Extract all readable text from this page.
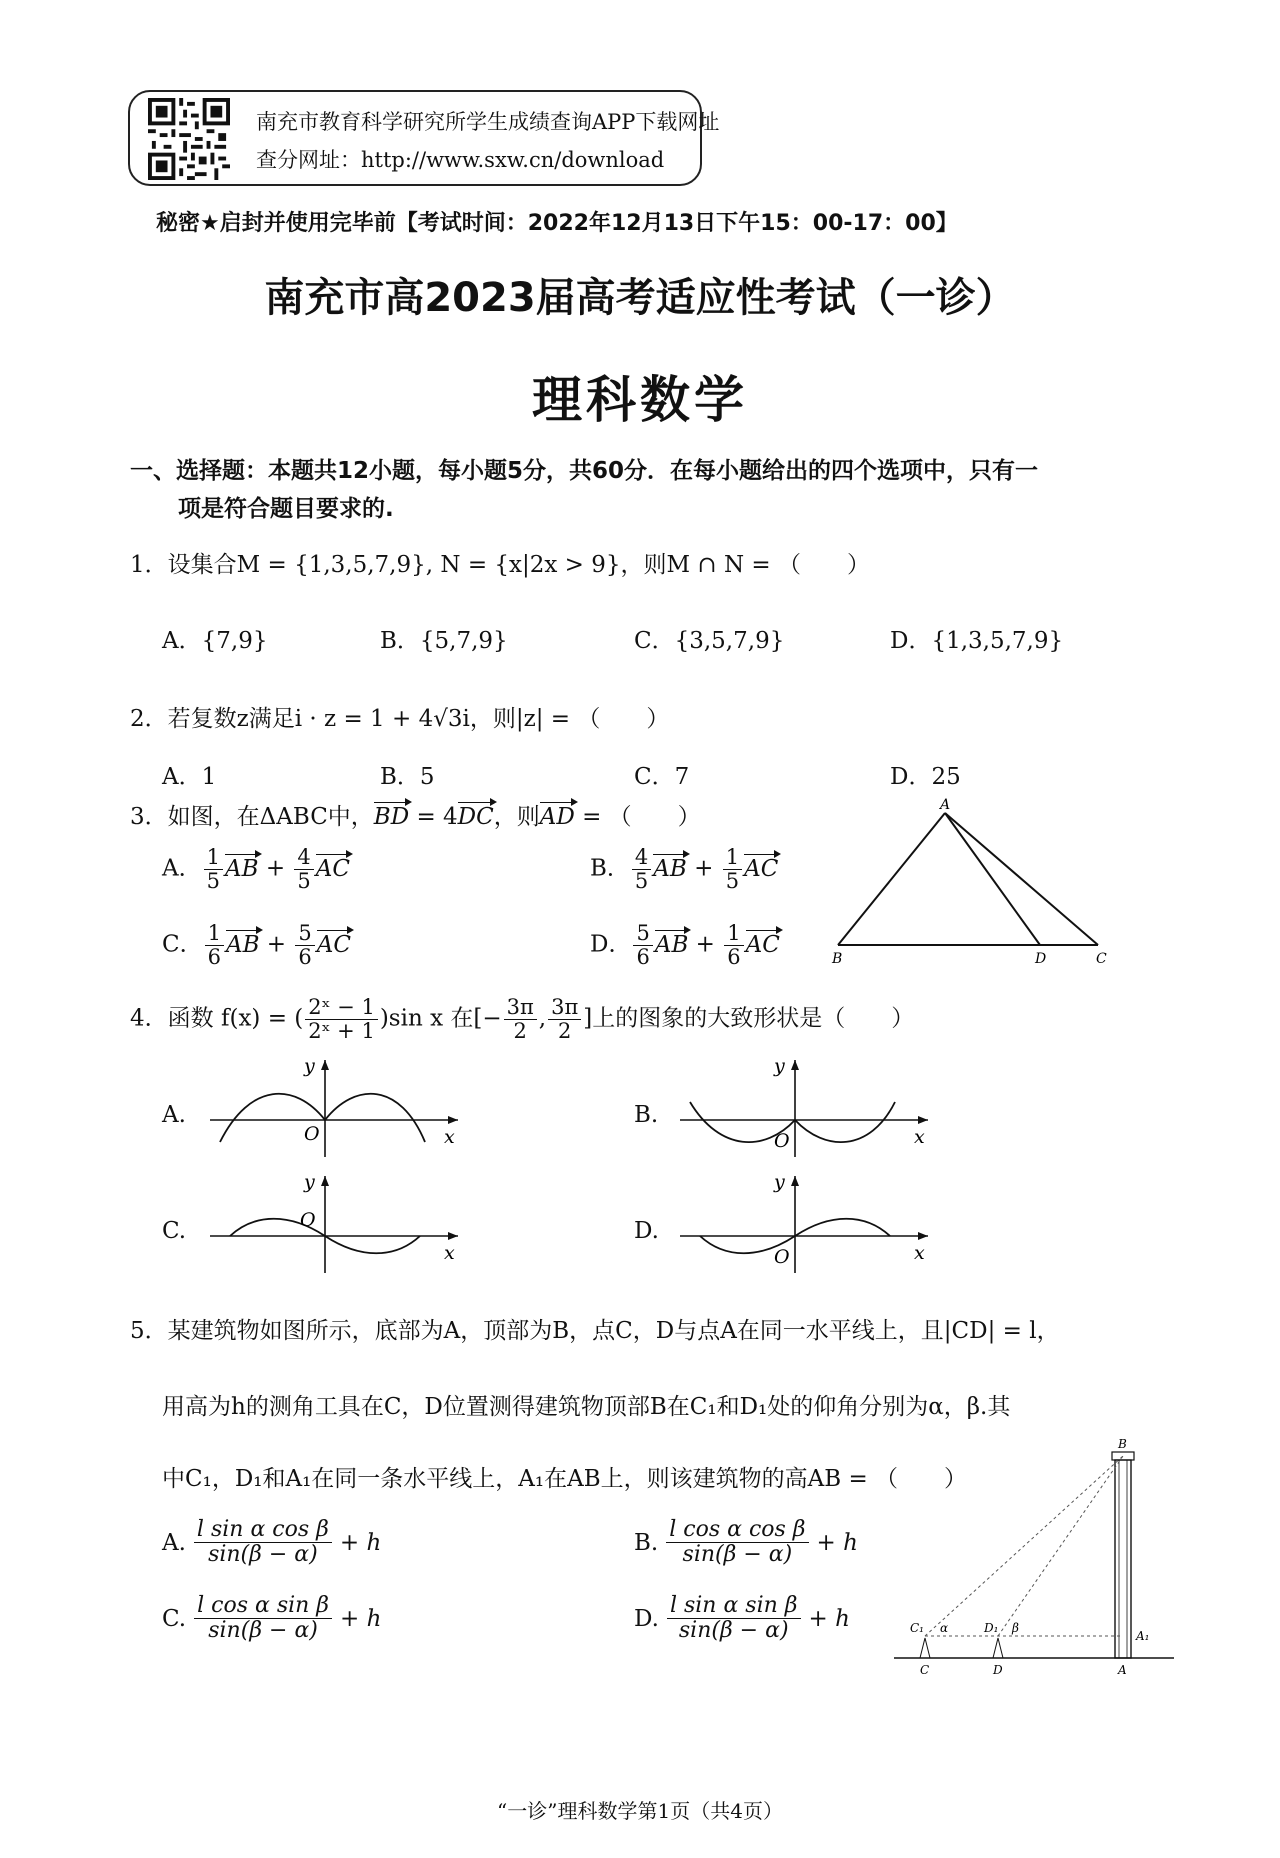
南充市教育科学研究所学生成绩查询APP下载网址
查分网址：http://www.sxw.cn/download
秘密★启封并使用完毕前【考试时间：2022年12月13日下午15：00-17：00】
南充市高2023届高考适应性考试（一诊）
理科数学
一、选择题：本题共12小题，每小题5分，共60分．在每小题给出的四个选项中，只有一
项是符合题目要求的.
1．设集合M = {1,3,5,7,9}, N = {x|2x > 9}，则M ∩ N = （　　）
A．{7,9}	B．{5,7,9}	C．{3,5,7,9}	D．{1,3,5,7,9}
2．若复数z满足i · z = 1 + 4√3i，则|z| = （　　）
A．1	B．5	C．7	D．25
3．如图，在ΔABC中，BD = 4DC，则AD = （　　）
A． $\frac{1}{5}$ AB + $\frac{4}{5}$ AC	B． $\frac{4}{5}$ AB + $\frac{1}{5}$ AC
C． $\frac{1}{6}$ AB + $\frac{5}{6}$ AC	D． $\frac{5}{6}$ AB + $\frac{1}{6}$ AC
A
B	D	C
4．函数 f(x) = ( $\frac{\text{2ˣ − 1}}{\text{2ˣ + 1}} )\sin$ x 在[− $\frac{3\pi}{2}$ , $\frac{3\pi}{2}$ ]上的图象的大致形状是（　　）
A.
O	x
y
B.
O	x
y
C.	O
x
y
D.
O	x
y
5．某建筑物如图所示，底部为A，顶部为B，点C，D与点A在同一水平线上，且|CD| = l，
用高为h的测角工具在C，D位置测得建筑物顶部B在C₁和D₁处的仰角分别为α，β.其
中C₁，D₁和A₁在同一条水平线上，A₁在AB上，则该建筑物的高AB = （　　）
A. $\frac{\text{l sin α cos β}}{\sin(\beta - \alpha)} + h$	B. $\frac{\text{l cos α cos β}}{\sin(\beta - \alpha)} + h$
C. $\frac{\text{l cos α sin β}}{\sin(\beta - \alpha)} + h$	D. $\frac{\text{l sin α sin β}}{\sin(\beta - \alpha)} + h$
B
C₁ α	D₁ β
A₁
C	D	A
“一诊”理科数学第1页（共4页）
